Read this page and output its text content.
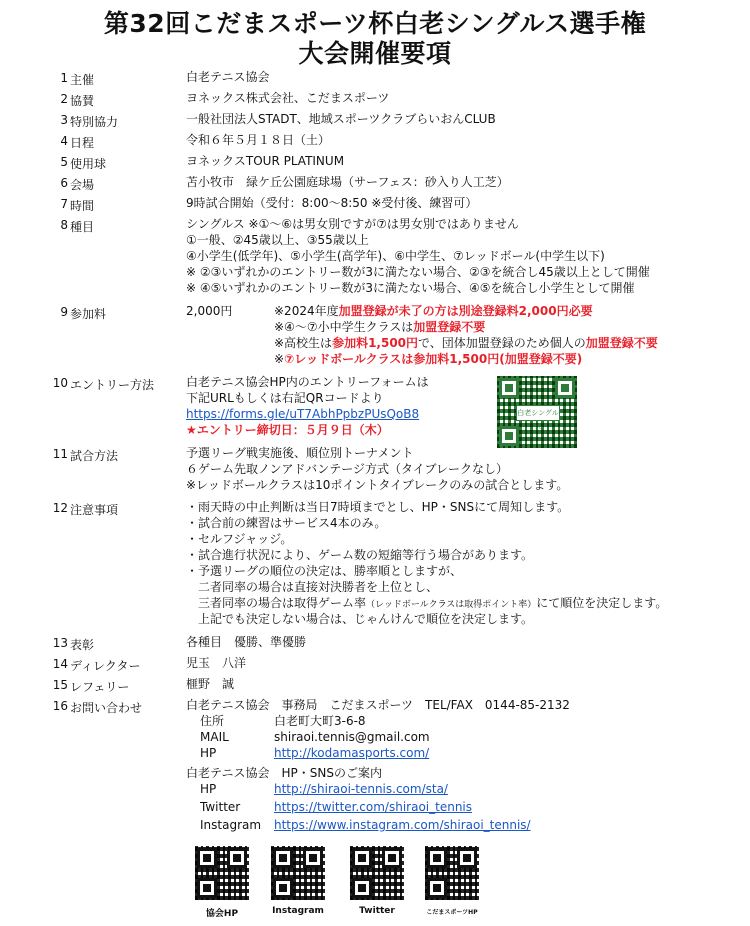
第32回こだまスポーツ杯白老シングルス選手権
大会開催要項
1 主催	白老テニス協会
2 協賛	ヨネックス株式会社、こだまスポーツ
3 特別協力	一般社団法人STADT、地域スポーツクラブらいおんCLUB
4 日程	令和６年５月１８日（土）
5 使用球	ヨネックスTOUR PLATINUM
6 会場	苫小牧市　緑ケ丘公園庭球場（サーフェス：砂入り人工芝）
7 時間	9時試合開始（受付：8:00～8:50 ※受付後、練習可）
8 種目	シングルス ※①～⑥は男女別ですが⑦は男女別ではありません
①一般、②45歳以上、③55歳以上
④小学生(低学年)、⑤小学生(高学年)、⑥中学生、⑦レッドボール(中学生以下)
※ ②③いずれかのエントリー数が3に満たない場合、②③を統合し45歳以上として開催
※ ④⑤いずれかのエントリー数が3に満たない場合、④⑤を統合し小学生として開催
9 参加料	2,000円	※2024年度加盟登録が未了の方は別途登録料2,000円必要
※④～⑦小中学生クラスは加盟登録不要
※高校生は参加料1,500円で、団体加盟登録のため個人の加盟登録不要
※⑦レッドボールクラスは参加料1,500円(加盟登録不要)
10 エントリー方法	白老テニス協会HP内のエントリーフォームは
下記URLもしくは右記QRコードより
https://forms.gle/uT7AbhPpbzPUsQoB8
★エントリー締切日：５月９日（木）
白老シングルス
11 試合方法	予選リーグ戦実施後、順位別トーナメント
６ゲーム先取ノンアドバンテージ方式（タイブレークなし）
※レッドボールクラスは10ポイントタイブレークのみの試合とします。
12 注意事項	・雨天時の中止判断は当日7時頃までとし、HP・SNSにて周知します。
・試合前の練習はサービス4本のみ。
・セルフジャッジ。
・試合進行状況により、ゲーム数の短縮等行う場合があります。
・予選リーグの順位の決定は、勝率順としますが、
　二者同率の場合は直接対決勝者を上位とし、
　三者同率の場合は取得ゲーム率（レッドボールクラスは取得ポイント率）にて順位を決定します。
　上記でも決定しない場合は、じゃんけんで順位を決定します。
13 表彰	各種目　優勝、準優勝
14 ディレクター	児玉　八洋
15 レフェリー	榧野　誠
16 お問い合わせ	白老テニス協会　事務局　こだまスポーツ　TEL/FAX　0144-85-2132
住所	白老町大町3-6-8
MAIL	shiraoi.tennis@gmail.com
HP	http://kodamasports.com/
白老テニス協会　HP・SNSのご案内
HP	http://shiraoi-tennis.com/sta/
Twitter	https://twitter.com/shiraoi_tennis
Instagram https://www.instagram.com/shiraoi_tennis/
協会HP	Instagram	Twitter	こだまスポーツHP
